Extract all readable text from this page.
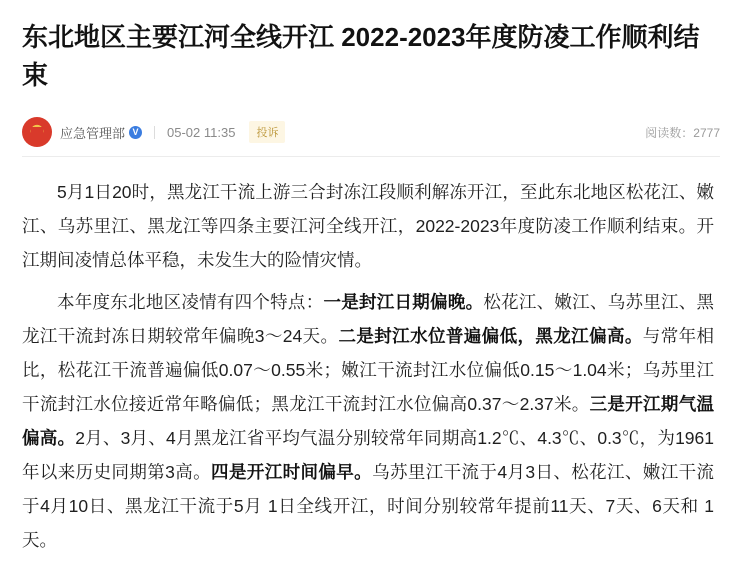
东北地区主要江河全线开江 2022-2023年度防凌工作顺利结束
应急管理部 V 05-02 11:35	投诉	阅读数：2777

5月1日20时，黑龙江干流上游三合封冻江段顺利解冻开江，至此东北地区松花江、嫩江、乌苏里江、黑龙江等四条主要江河全线开江，2022-2023年度防凌工作顺利结束。开江期间凌情总体平稳，未发生大的险情灾情。

本年度东北地区凌情有四个特点：一是封江日期偏晚。松花江、嫩江、乌苏里江、黑龙江干流封冻日期较常年偏晚3～24天。二是封江水位普遍偏低，黑龙江偏高。与常年相比，松花江干流普遍偏低0.07～0.55米；嫩江干流封江水位偏低0.15～1.04米；乌苏里江干流封江水位接近常年略偏低；黑龙江干流封江水位偏高0.37～2.37米。三是开江期气温偏高。2月、3月、4月黑龙江省平均气温分别较常年同期高1.2℃、4.3℃、0.3℃，为1961年以来历史同期第3高。四是开江时间偏早。乌苏里江干流于4月3日、松花江、嫩江干流于4月10日、黑龙江干流于5月 1日全线开江，时间分别较常年提前11天、7天、6天和 1天。
